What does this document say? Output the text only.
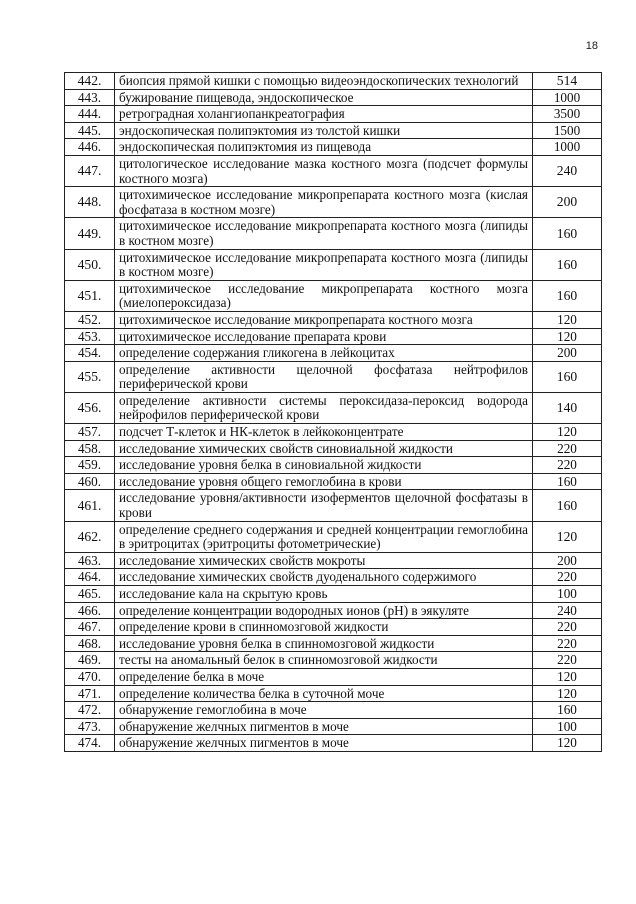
18
442.	биопсия прямой кишки с помощью видеоэндоскопических технологий	514
443.	бужирование пищевода, эндоскопическое	1000
444.	ретроградная холангиопанкреатография	3500
445.	эндоскопическая полипэктомия из толстой кишки	1500
446.	эндоскопическая полипэктомия из пищевода	1000
447.	цитологическое исследование мазка костного мозга (подсчет формулы костного мозга)	240
448.	цитохимическое исследование микропрепарата костного мозга (кислая фосфатаза в костном мозге)	200
449.	цитохимическое исследование микропрепарата костного мозга (липиды в костном мозге)	160
450.	цитохимическое исследование микропрепарата костного мозга (липиды в костном мозге)	160
451.	цитохимическое исследование микропрепарата костного мозга (миелопероксидаза)	160
452.	цитохимическое исследование микропрепарата костного мозга	120
453.	цитохимическое исследование препарата крови	120
454.	определение содержания гликогена в лейкоцитах	200
455.	определение активности щелочной фосфатаза нейтрофилов периферической крови	160
456.	определение активности системы пероксидаза-пероксид водорода нейрофилов периферической крови	140
457.	подсчет Т-клеток и НК-клеток в лейкоконцентрате	120
458.	исследование химических свойств синовиальной жидкости	220
459.	исследование уровня белка в синовиальной жидкости	220
460.	исследование уровня общего гемоглобина в крови	160
461.	исследование уровня/активности изоферментов щелочной фосфатазы в крови	160
462.	определение среднего содержания и средней концентрации гемоглобина в эритроцитах (эритроциты фотометрические)	120
463.	исследование химических свойств мокроты	200
464.	исследование химических свойств дуоденального содержимого	220
465.	исследование кала на скрытую кровь	100
466.	определение концентрации водородных ионов (pH) в эякуляте	240
467.	определение крови в спинномозговой жидкости	220
468.	исследование уровня белка в спинномозговой жидкости	220
469.	тесты на аномальный белок в спинномозговой жидкости	220
470.	определение белка в моче	120
471.	определение количества белка в суточной моче	120
472.	обнаружение гемоглобина в моче	160
473.	обнаружение желчных пигментов в моче	100
474.	обнаружение желчных пигментов в моче	120
